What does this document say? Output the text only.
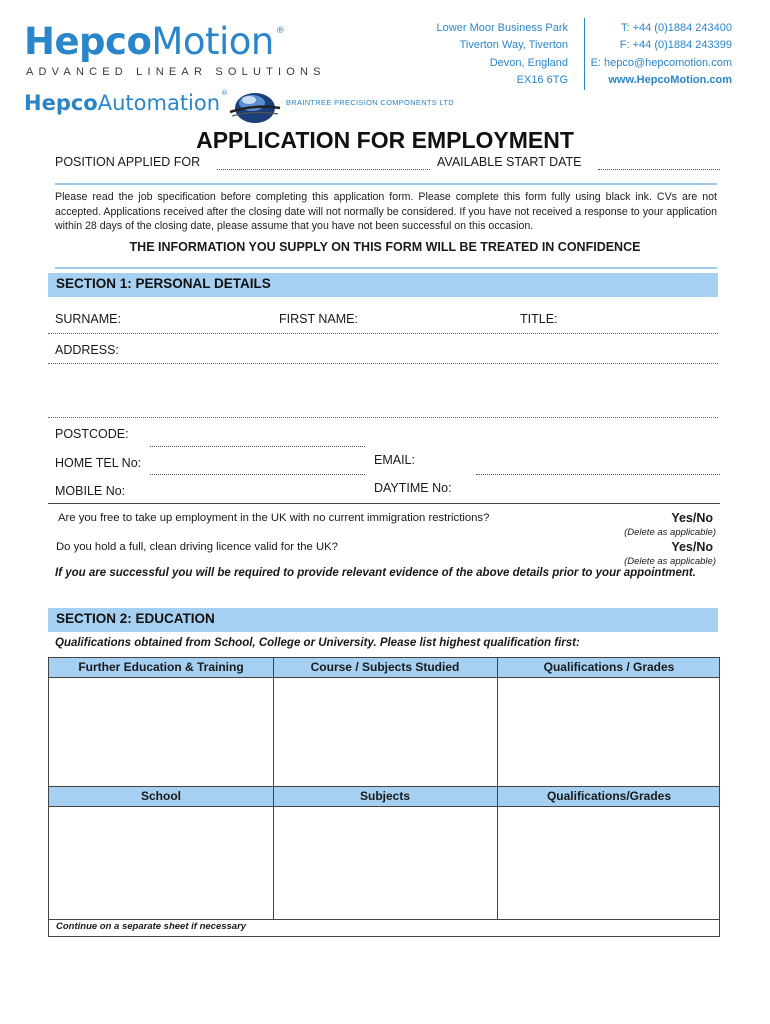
HepcoMotion ®
ADVANCED LINEAR SOLUTIONS
HepcoAutomation®
BRAINTREE PRECISION COMPONENTS LTD
Lower Moor Business Park
Tiverton Way, Tiverton
Devon, England
EX16 6TG
T: +44 (0)1884 243400
F: +44 (0)1884 243399
E: hepco@hepcomotion.com
www.HepcoMotion.com
APPLICATION FOR EMPLOYMENT
POSITION APPLIED FOR	AVAILABLE START DATE
Please read the job specification before completing this application form. Please complete this form fully using black ink. CVs are not accepted. Applications received after the closing date will not normally be considered. If you have not received a response to your application within 28 days of the closing date, please assume that you have not been successful on this occasion.
THE INFORMATION YOU SUPPLY ON THIS FORM WILL BE TREATED IN CONFIDENCE
SECTION 1: PERSONAL DETAILS
SURNAME:	FIRST NAME:	TITLE:
ADDRESS:
POSTCODE:
HOME TEL No:	EMAIL:
MOBILE No:	DAYTIME No:
Are you free to take up employment in the UK with no current immigration restrictions?	Yes/No
(Delete as applicable)
Do you hold a full, clean driving licence valid for the UK?	Yes/No
(Delete as applicable)
If you are successful you will be required to provide relevant evidence of the above details prior to your appointment.
SECTION 2: EDUCATION
Qualifications obtained from School, College or University. Please list highest qualification first:
Further Education & Training	Course / Subjects Studied	Qualifications / Grades
School	Subjects	Qualifications/Grades
Continue on a separate sheet if necessary
